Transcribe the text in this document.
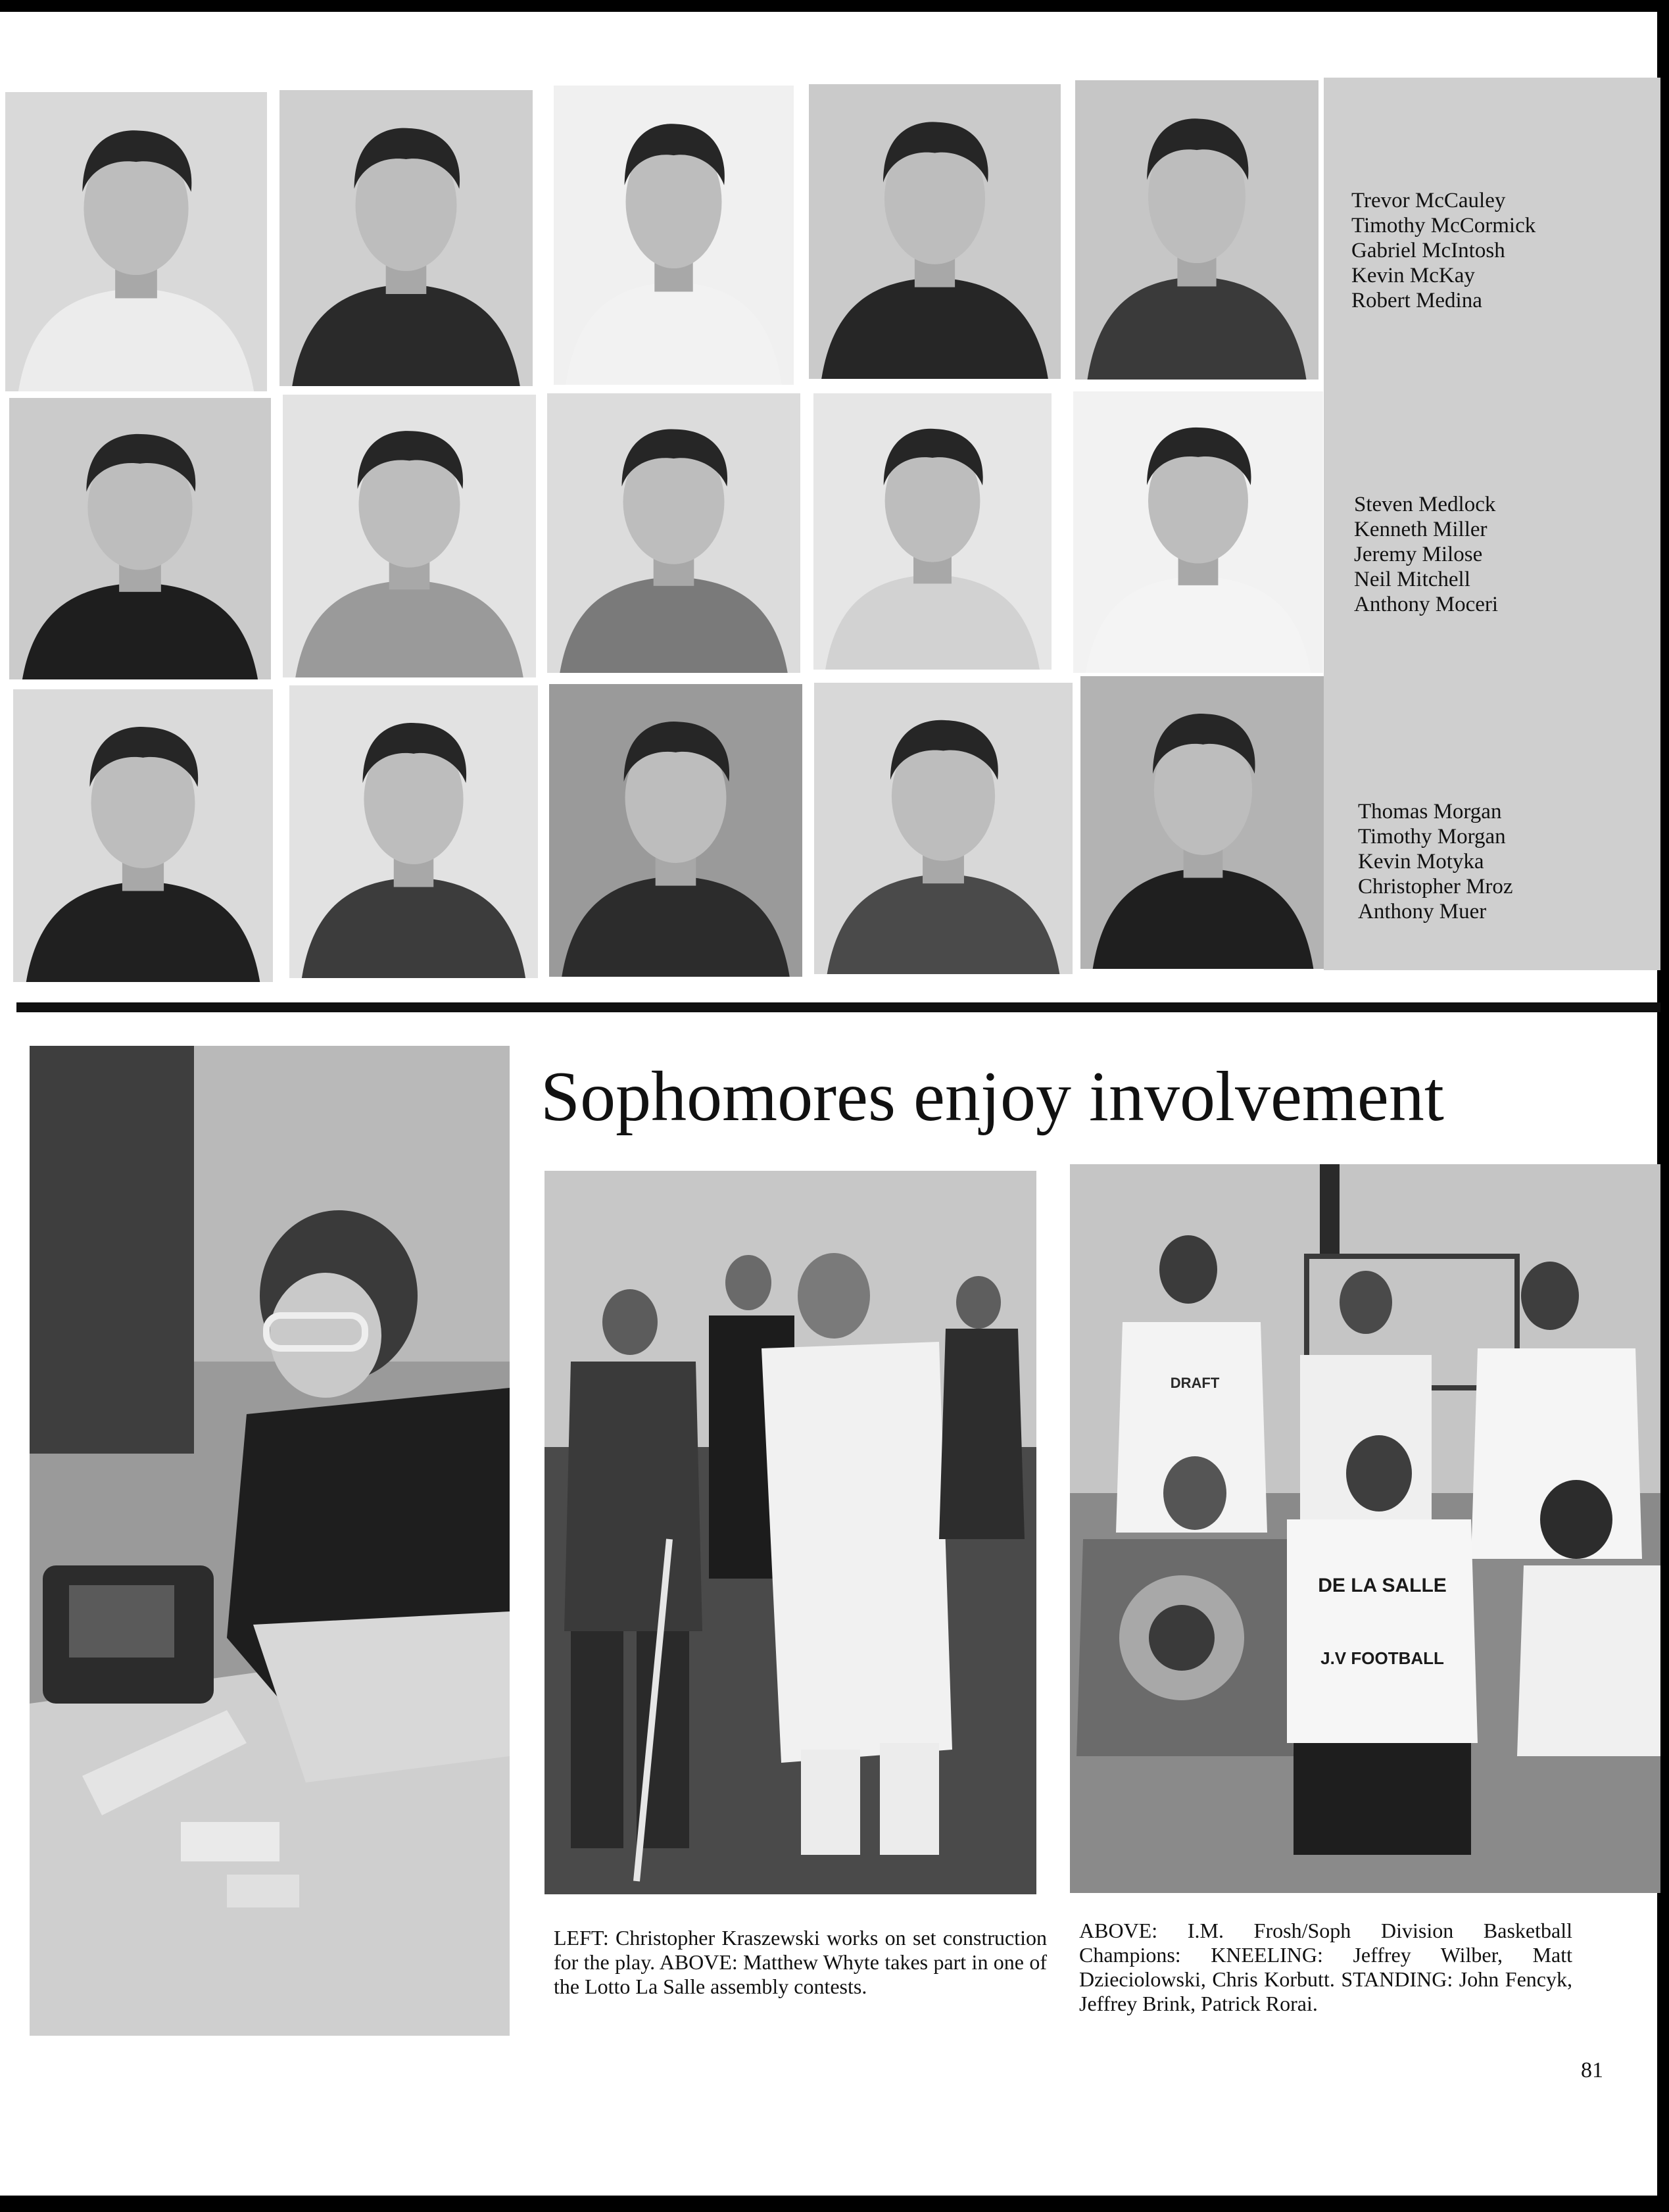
Trevor McCauley
Timothy McCormick
Gabriel McIntosh
Kevin McKay
Robert Medina
Steven Medlock
Kenneth Miller
Jeremy Milose
Neil Mitchell
Anthony Moceri
Thomas Morgan
Timothy Morgan
Kevin Motyka
Christopher Mroz
Anthony Muer
Sophomores enjoy involvement
DE LA SALLE
J.V FOOTBALL
DRAFT
LEFT: Christopher Kraszewski works on set construction for the play. ABOVE: Matthew Whyte takes part in one of the Lotto La Salle assembly contests.
ABOVE: I.M. Frosh/Soph Division Basketball Champions: KNEELING: Jeffrey Wilber, Matt Dzieciolowski, Chris Korbutt. STANDING: John Fencyk, Jeffrey Brink, Patrick Rorai.
81
